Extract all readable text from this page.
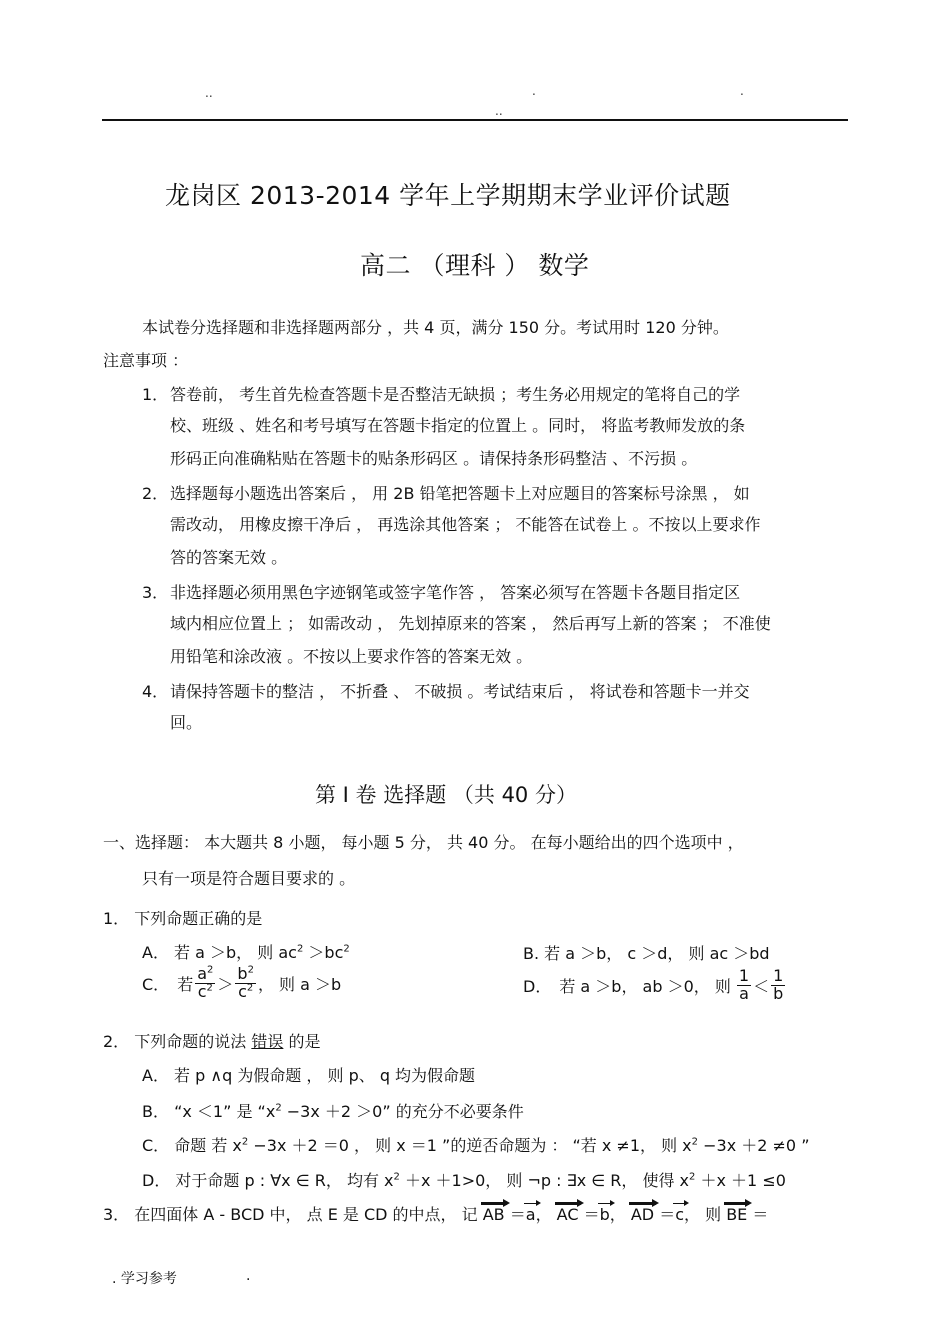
..	.	.
..
龙岗区 2013-2014 学年上学期期末学业评价试题
高二 （理科 ） 数学
本试卷分选择题和非选择题两部分 ，共 4 页，满分 150 分。考试用时 120 分钟。
注意事项 ：
1． 答卷前， 考生首先检查答题卡是否整洁无缺损 ；考生务必用规定的笔将自己的学
校、班级 、姓名和考号填写在答题卡指定的位置上 。同时， 将监考教师发放的条
形码正向准确粘贴在答题卡的贴条形码区 。请保持条形码整洁 、不污损 。
2． 选择题每小题选出答案后 ， 用 2B 铅笔把答题卡上对应题目的答案标号涂黑 ， 如
需改动， 用橡皮擦干净后 ， 再选涂其他答案 ； 不能答在试卷上 。不按以上要求作
答的答案无效 。
3． 非选择题必须用黑色字迹钢笔或签字笔作答 ， 答案必须写在答题卡各题目指定区
域内相应位置上 ； 如需改动 ， 先划掉原来的答案 ， 然后再写上新的答案 ； 不准使
用铅笔和涂改液 。不按以上要求作答的答案无效 。
4． 请保持答题卡的整洁 ， 不折叠 、 不破损 。考试结束后 ， 将试卷和答题卡一并交
回。
第 Ⅰ 卷 选择题 （共 40 分）
一、选择题： 本大题共 8 小题， 每小题 5 分， 共 40 分。 在每小题给出的四个选项中 ，
只有一项是符合题目要求的 。
1． 下列命题正确的是
A． 若 a ＞b， 则 $ac^2 >bc^2$	B. 若 a ＞b， c ＞d， 则 ac ＞bd
C． 若 $\frac{a^2}{c^2} > \frac{b^2}{c^2}$ ， 则 a ＞b	D． 若 a ＞b， ab ＞0， 则 $\frac{1}{a} < \frac{1}{b}$
2． 下列命题的说法 错误 的是
A． 若 p ∧q 为假命题 ， 则 p、 q 均为假命题
B． “x ＜1” 是 “$x^2 -3x +2 >0$” 的充分不必要条件
C． 命题 若 $x^2 -3x +2 =0$ ， 则 x ＝1 ”的逆否命题为 ： “若 x ≠1， 则 $x^2 -3x +2 \ne 0$ ”
D． 对于命题 p : ∀x ∈ R， 均有 $x^2 +x +1>0$， 则 ¬p : ∃x ∈ R， 使得 $x^2 +x +1 \le 0$
3． 在四面体 A - BCD 中， 点 E 是 CD 的中点， 记 AB ＝a， AC ＝b， AD ＝c， 则 BE ＝
. 学习参考	.
